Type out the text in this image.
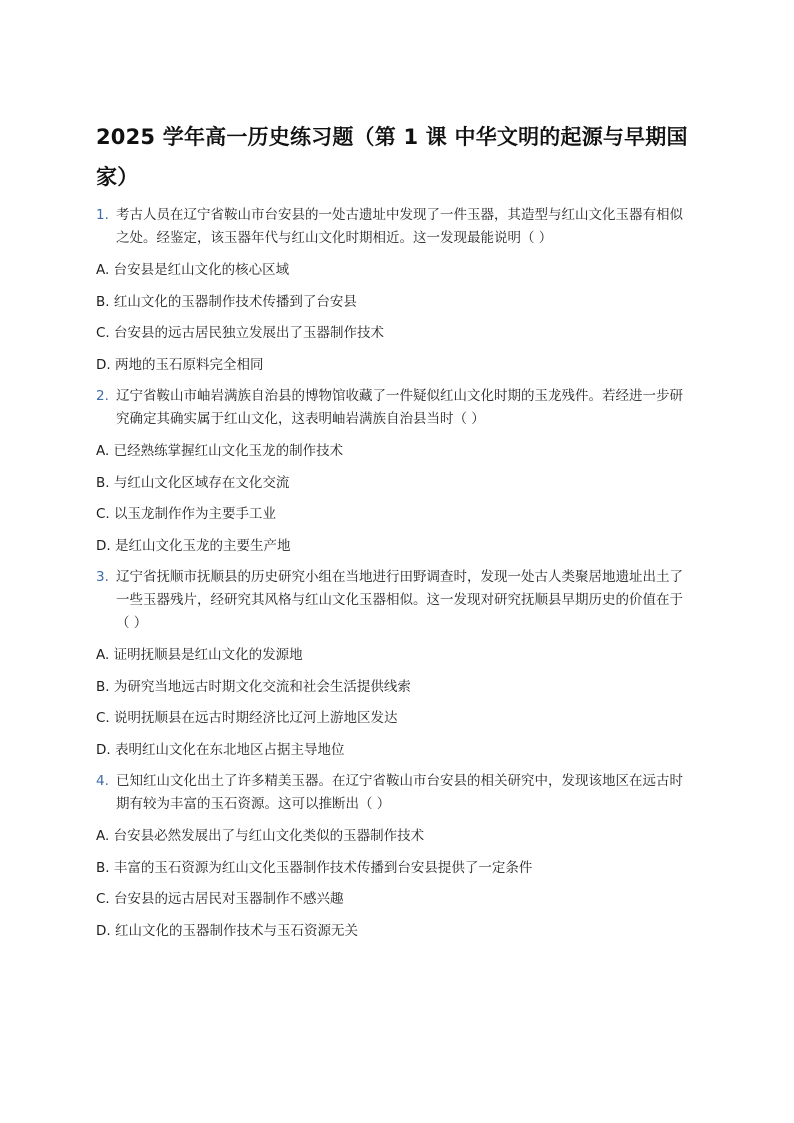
2025 学年高一历史练习题（第 1 课 中华文明的起源与早期国家）
1. 考古人员在辽宁省鞍山市台安县的一处古遗址中发现了一件玉器，其造型与红山文化玉器有相似之处。经鉴定，该玉器年代与红山文化时期相近。这一发现最能说明（ ）
A. 台安县是红山文化的核心区域
B. 红山文化的玉器制作技术传播到了台安县
C. 台安县的远古居民独立发展出了玉器制作技术
D. 两地的玉石原料完全相同
2. 辽宁省鞍山市岫岩满族自治县的博物馆收藏了一件疑似红山文化时期的玉龙残件。若经进一步研究确定其确实属于红山文化，这表明岫岩满族自治县当时（ ）
A. 已经熟练掌握红山文化玉龙的制作技术
B. 与红山文化区域存在文化交流
C. 以玉龙制作作为主要手工业
D. 是红山文化玉龙的主要生产地
3. 辽宁省抚顺市抚顺县的历史研究小组在当地进行田野调查时，发现一处古人类聚居地遗址出土了一些玉器残片，经研究其风格与红山文化玉器相似。这一发现对研究抚顺县早期历史的价值在于（ ）
A. 证明抚顺县是红山文化的发源地
B. 为研究当地远古时期文化交流和社会生活提供线索
C. 说明抚顺县在远古时期经济比辽河上游地区发达
D. 表明红山文化在东北地区占据主导地位
4. 已知红山文化出土了许多精美玉器。在辽宁省鞍山市台安县的相关研究中，发现该地区在远古时期有较为丰富的玉石资源。这可以推断出（ ）
A. 台安县必然发展出了与红山文化类似的玉器制作技术
B. 丰富的玉石资源为红山文化玉器制作技术传播到台安县提供了一定条件
C. 台安县的远古居民对玉器制作不感兴趣
D. 红山文化的玉器制作技术与玉石资源无关
